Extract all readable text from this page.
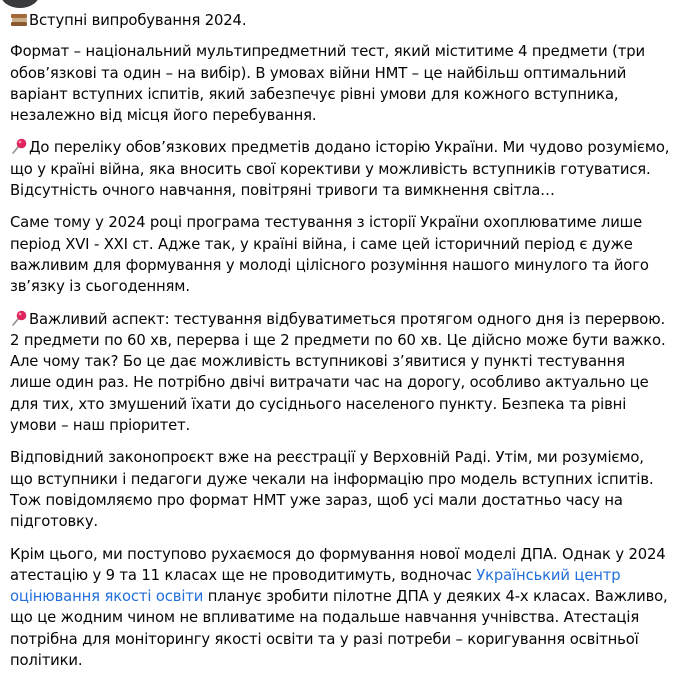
Вступні випробування 2024.

Формат – національний мультипредметний тест, який міститиме 4 предмети (три обов’язкові та один – на вибір). В умовах війни НМТ – це найбільш оптимальний варіант вступних іспитів, який забезпечує рівні умови для кожного вступника, незалежно від місця його перебування.

До переліку обов’язкових предметів додано історію України. Ми чудово розуміємо, що у країні війна, яка вносить свої корективи у можливість вступників готуватися. Відсутність очного навчання, повітряні тривоги та вимкнення світла…

Саме тому у 2024 році програма тестування з історії України охоплюватиме лише період XVI - XXI ст. Адже так, у країні війна, і саме цей історичний період є дуже важливим для формування у молоді цілісного розуміння нашого минулого та його зв’язку із сьогоденням.

Важливий аспект: тестування відбуватиметься протягом одного дня із перервою. 2 предмети по 60 хв, перерва і ще 2 предмети по 60 хв. Це дійсно може бути важко. Але чому так? Бо це дає можливість вступникові з’явитися у пункті тестування лише один раз. Не потрібно двічі витрачати час на дорогу, особливо актуально це для тих, хто змушений їхати до сусіднього населеного пункту. Безпека та рівні умови – наш пріоритет.

Відповідний законопроєкт вже на реєстрації у Верховній Раді. Утім, ми розуміємо, що вступники і педагоги дуже чекали на інформацію про модель вступних іспитів. Тож повідомляємо про формат НМТ уже зараз, щоб усі мали достатньо часу на підготовку.

Крім цього, ми поступово рухаємося до формування нової моделі ДПА. Однак у 2024 атестацію у 9 та 11 класах ще не проводитимуть, водночас Український центр оцінювання якості освіти планує зробити пілотне ДПА у деяких 4-х класах. Важливо, що це жодним чином не впливатиме на подальше навчання учнівства. Атестація потрібна для моніторингу якості освіти та у разі потреби – коригування освітньої політики.
